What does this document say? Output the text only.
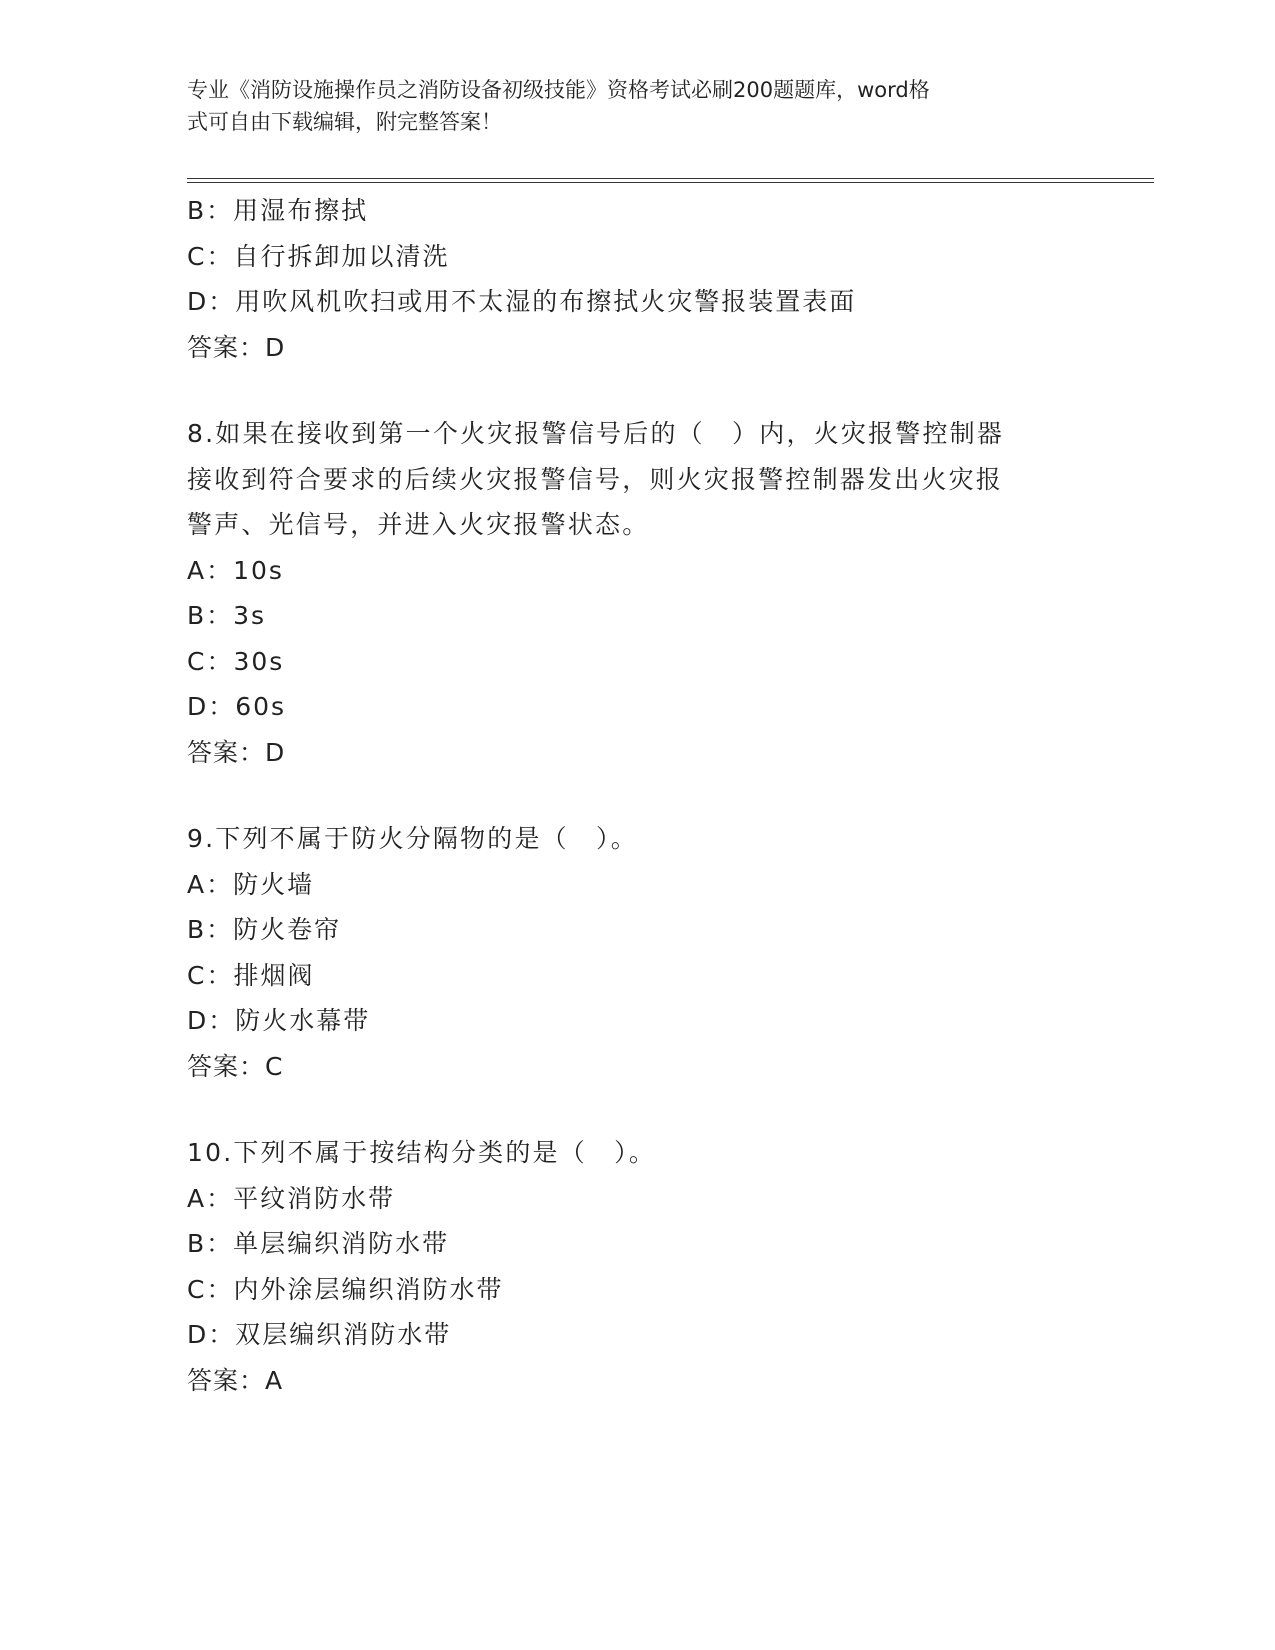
专业《消防设施操作员之消防设备初级技能》资格考试必刷200题题库，word格
式可自由下载编辑，附完整答案！
B：用湿布擦拭
C：自行拆卸加以清洗
D：用吹风机吹扫或用不太湿的布擦拭火灾警报装置表面
答案：D
8.如果在接收到第一个火灾报警信号后的（　）内，火灾报警控制器
接收到符合要求的后续火灾报警信号，则火灾报警控制器发出火灾报
警声、光信号，并进入火灾报警状态。
A：10s
B：3s
C：30s
D：60s
答案：D
9.下列不属于防火分隔物的是（　）。
A：防火墙
B：防火卷帘
C：排烟阀
D：防火水幕带
答案：C
10.下列不属于按结构分类的是（　）。
A：平纹消防水带
B：单层编织消防水带
C：内外涂层编织消防水带
D：双层编织消防水带
答案：A
